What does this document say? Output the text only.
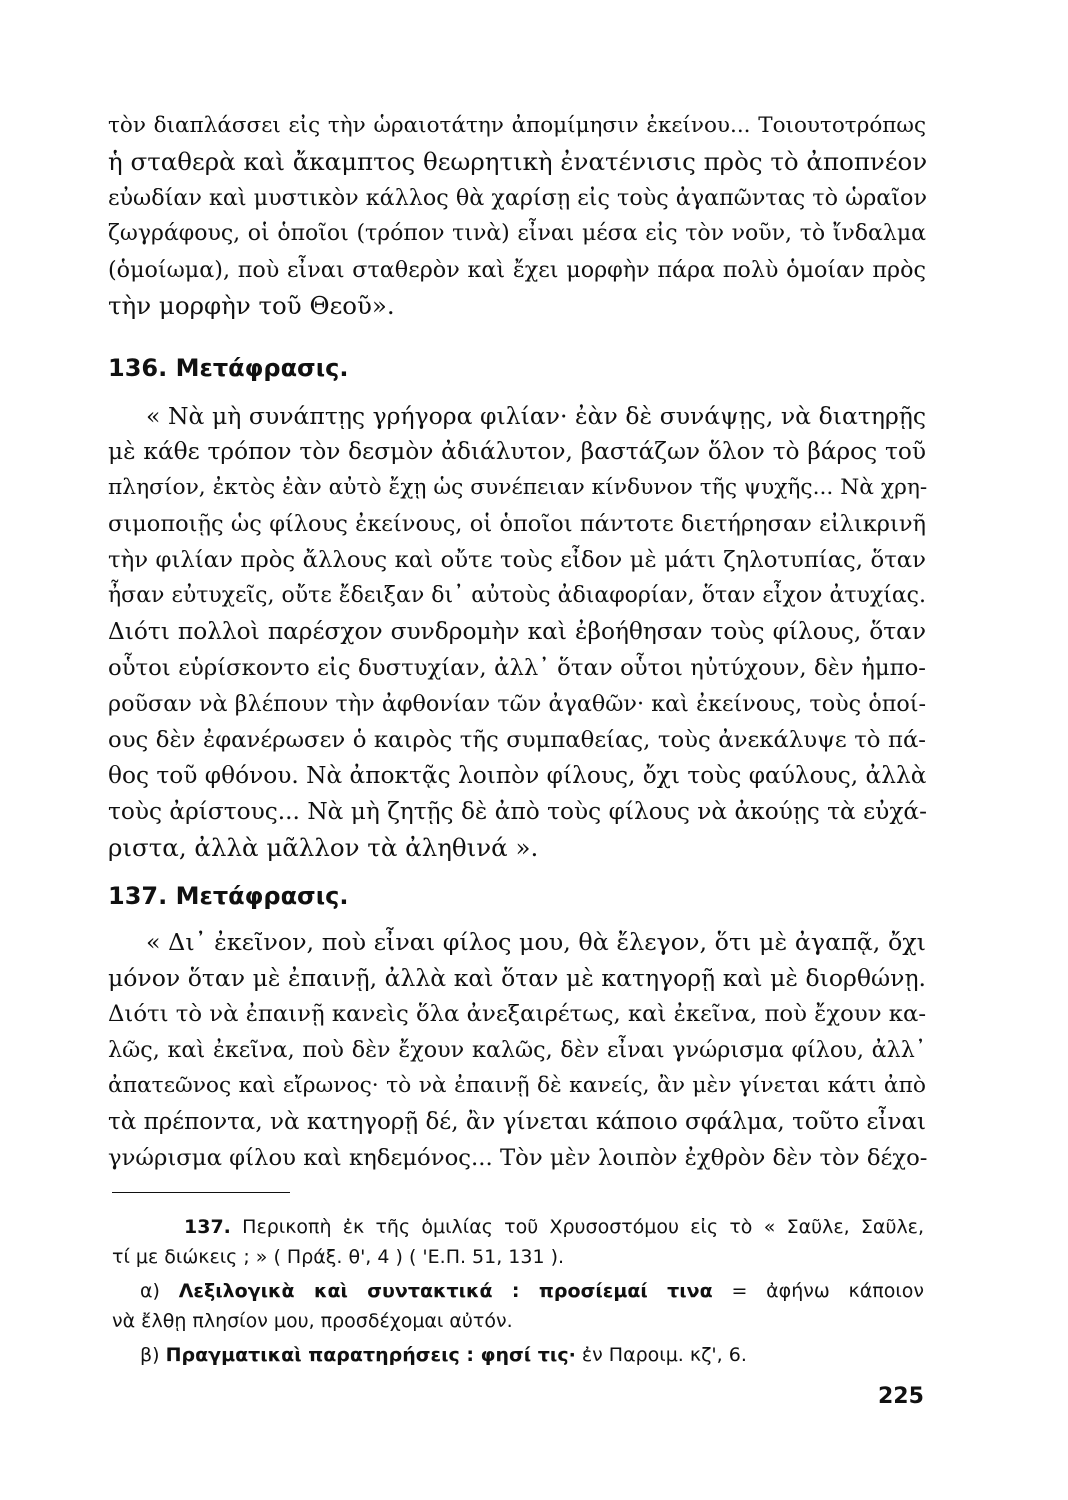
τὸν διαπλάσσει εἰς τὴν ὡραιοτάτην ἀπομίμησιν ἐκείνου... Τοιουτοτρόπως
ἡ σταθερὰ καὶ ἄκαμπτος θεωρητικὴ ἐνατένισις πρὸς τὸ ἀποπνέον
εὐωδίαν καὶ μυστικὸν κάλλος θὰ χαρίσῃ εἰς τοὺς ἀγαπῶντας τὸ ὡραῖον
ζωγράφους, οἱ ὁποῖοι (τρόπον τινὰ) εἶναι μέσα εἰς τὸν νοῦν, τὸ ἴνδαλμα
(ὁμοίωμα), ποὺ εἶναι σταθερὸν καὶ ἔχει μορφὴν πάρα πολὺ ὁμοίαν πρὸς
τὴν μορφὴν τοῦ Θεοῦ».
136. Μετάφρασις.
« Νὰ μὴ συνάπτῃς γρήγορα φιλίαν· ἐὰν δὲ συνάψῃς, νὰ διατηρῇς
μὲ κάθε τρόπον τὸν δεσμὸν ἀδιάλυτον, βαστάζων ὅλον τὸ βάρος τοῦ
πλησίον, ἐκτὸς ἐὰν αὐτὸ ἔχῃ ὡς συνέπειαν κίνδυνον τῆς ψυχῆς... Νὰ χρη-
σιμοποιῇς ὡς φίλους ἐκείνους, οἱ ὁποῖοι πάντοτε διετήρησαν εἰλικρινῆ
τὴν φιλίαν πρὸς ἄλλους καὶ οὔτε τοὺς εἶδον μὲ μάτι ζηλοτυπίας, ὅταν
ἦσαν εὐτυχεῖς, οὔτε ἔδειξαν δι᾿ αὐτοὺς ἀδιαφορίαν, ὅταν εἶχον ἀτυχίας.
Διότι πολλοὶ παρέσχον συνδρομὴν καὶ ἐβοήθησαν τοὺς φίλους, ὅταν
οὗτοι εὑρίσκοντο εἰς δυστυχίαν, ἀλλ᾿ ὅταν οὗτοι ηὐτύχουν, δὲν ἠμπο-
ροῦσαν νὰ βλέπουν τὴν ἀφθονίαν τῶν ἀγαθῶν· καὶ ἐκείνους, τοὺς ὁποί-
ους δὲν ἐφανέρωσεν ὁ καιρὸς τῆς συμπαθείας, τοὺς ἀνεκάλυψε τὸ πά-
θος τοῦ φθόνου. Νὰ ἀποκτᾷς λοιπὸν φίλους, ὄχι τοὺς φαύλους, ἀλλὰ
τοὺς ἀρίστους... Νὰ μὴ ζητῇς δὲ ἀπὸ τοὺς φίλους νὰ ἀκούῃς τὰ εὐχά-
ριστα, ἀλλὰ μᾶλλον τὰ ἀληθινά ».
137. Μετάφρασις.
« Δι᾿ ἐκεῖνον, ποὺ εἶναι φίλος μου, θὰ ἔλεγον, ὅτι μὲ ἀγαπᾷ, ὄχι
μόνον ὅταν μὲ ἐπαινῇ, ἀλλὰ καὶ ὅταν μὲ κατηγορῇ καὶ μὲ διορθώνῃ.
Διότι τὸ νὰ ἐπαινῇ κανεὶς ὅλα ἀνεξαιρέτως, καὶ ἐκεῖνα, ποὺ ἔχουν κα-
λῶς, καὶ ἐκεῖνα, ποὺ δὲν ἔχουν καλῶς, δὲν εἶναι γνώρισμα φίλου, ἀλλ᾿
ἀπατεῶνος καὶ εἴρωνος· τὸ νὰ ἐπαινῇ δὲ κανείς, ἂν μὲν γίνεται κάτι ἀπὸ
τὰ πρέποντα, νὰ κατηγορῇ δέ, ἂν γίνεται κάποιο σφάλμα, τοῦτο εἶναι
γνώρισμα φίλου καὶ κηδεμόνος... Τὸν μὲν λοιπὸν ἐχθρὸν δὲν τὸν δέχο-
137. Περικοπὴ ἐκ τῆς ὁμιλίας τοῦ Χρυσοστόμου εἰς τὸ « Σαῦλε, Σαῦλε,
τί με διώκεις ; » ( Πράξ. θ', 4 ) ( 'Ε.Π. 51, 131 ).
α) Λεξιλογικὰ καὶ συντακτικά : προσίεμαί τινα = ἀφήνω κάποιον
νὰ ἔλθῃ πλησίον μου, προσδέχομαι αὐτόν.
β) Πραγματικαὶ παρατηρήσεις : φησί τις· ἐν Παροιμ. κζ', 6.
225
